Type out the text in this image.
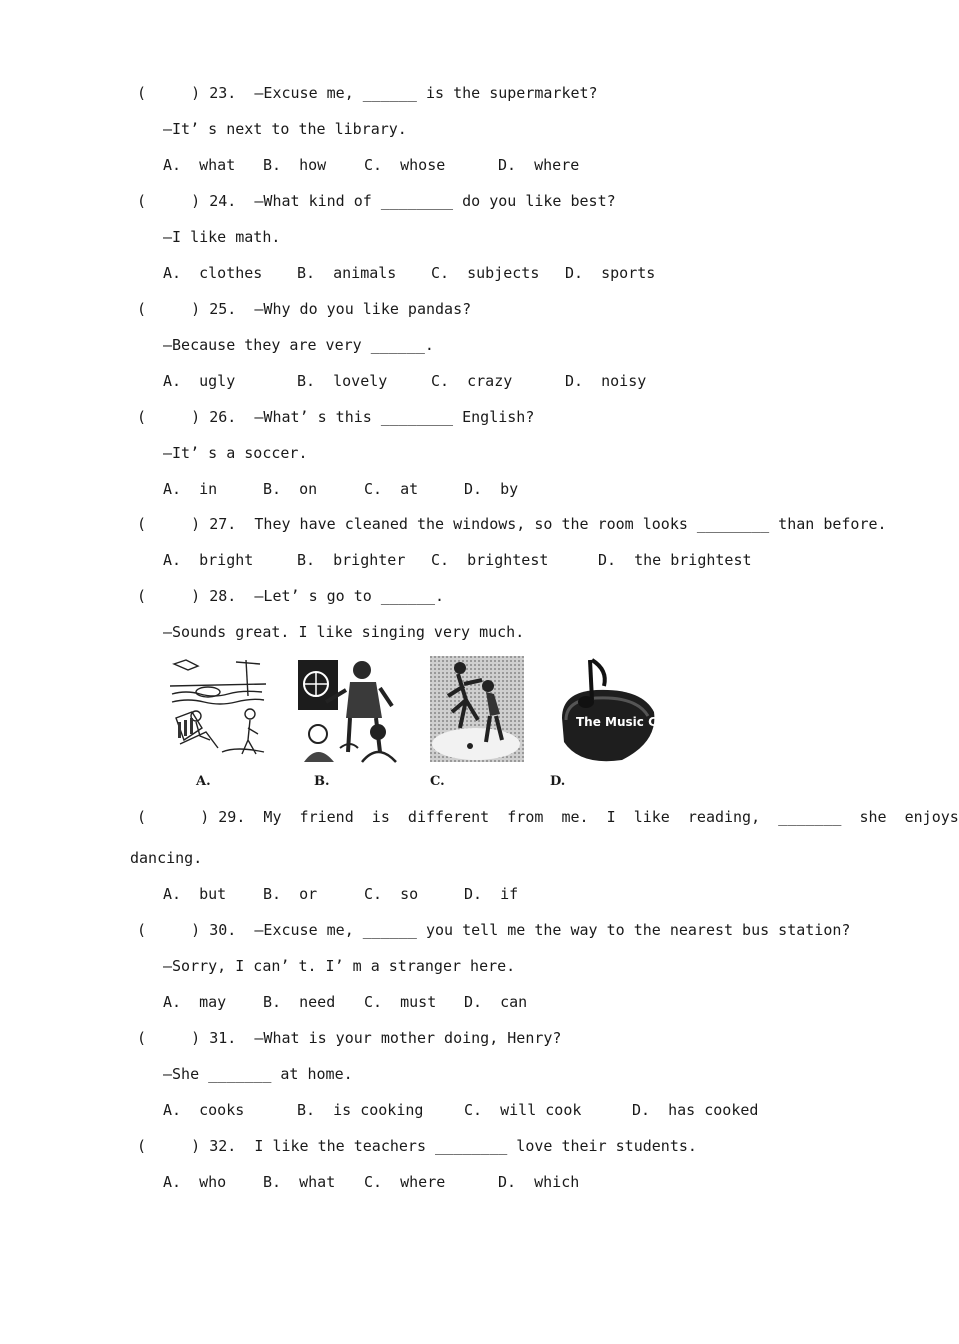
(     ) 23.  —Excuse me, ______ is the supermarket?
—It’ s next to the library.
A.  what B.  how	C.  whose	D.  where
(     ) 24.  —What kind of ________ do you like best?
—I like math.
A.  clothes B.  animals C.  subjects D.  sports
(     ) 25.  —Why do you like pandas?
—Because they are very ______.
A.  ugly	B.  lovely	C.  crazy	D.  noisy
(     ) 26.  —What’ s this ________ English?
—It’ s a soccer.
A.  in	B.  on	C.  at	D.  by
(     ) 27.  They have cleaned the windows, so the room looks ________ than before.
A.  bright	B.  brighter C.  brightest	D.  the brightest
(     ) 28.  —Let’ s go to ______.
—Sounds great. I like singing very much.
A.	B.	C.
The Music Class
D.
(      ) 29.  My  friend  is  different  from  me.  I  like  reading,  _______  she  enjoys
dancing.
A.  but B.  or	C.  so	D.  if
(     ) 30.  —Excuse me, ______ you tell me the way to the nearest bus station?
—Sorry, I can’ t. I’ m a stranger here.
A.  may B.  need C.  must D.  can
(     ) 31.  —What is your mother doing, Henry?
—She _______ at home.
A.  cooks	B.  is cooking	C.  will cook	D.  has cooked
(     ) 32.  I like the teachers ________ love their students.
A.  who B.  what C.  where	D.  which
